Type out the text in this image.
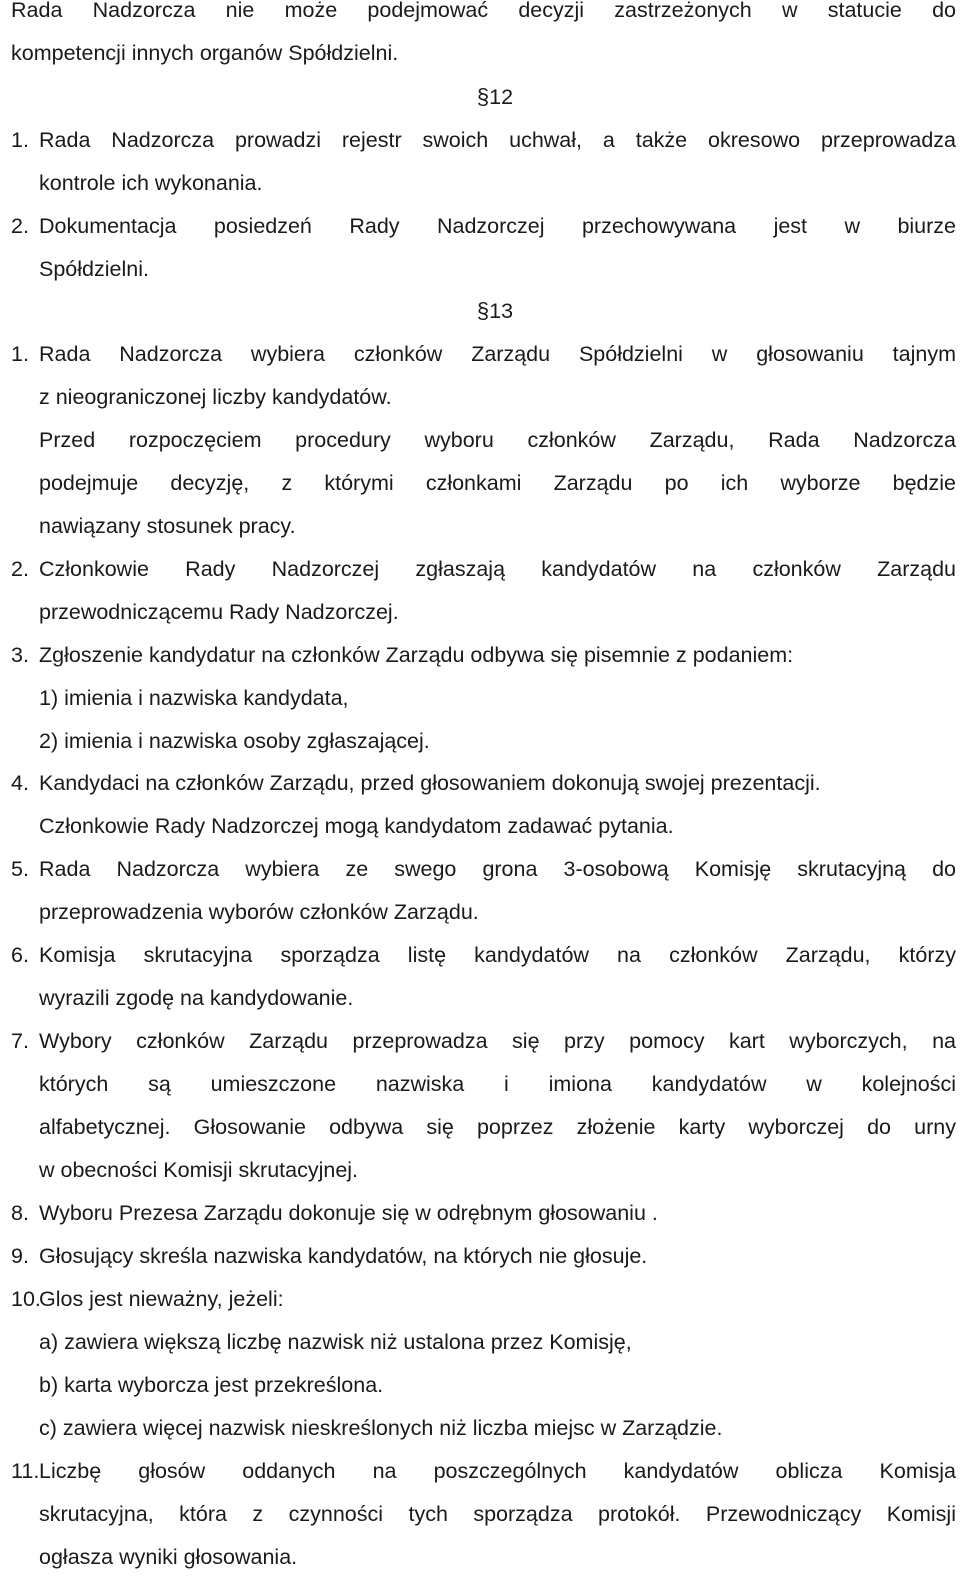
Rada Nadzorcza nie może podejmować decyzji zastrzeżonych w statucie do
kompetencji innych organów Spółdzielni.
§12
1. Rada Nadzorcza prowadzi rejestr swoich uchwał, a także okresowo przeprowadza
kontrole ich wykonania.
2. Dokumentacja posiedzeń Rady Nadzorczej przechowywana jest w biurze
Spółdzielni.
§13
1. Rada Nadzorcza wybiera członków Zarządu Spółdzielni w głosowaniu tajnym
z nieograniczonej liczby kandydatów.
Przed rozpoczęciem procedury wyboru członków Zarządu, Rada Nadzorcza
podejmuje decyzję, z którymi członkami Zarządu po ich wyborze będzie
nawiązany stosunek pracy.
2. Członkowie Rady Nadzorczej zgłaszają kandydatów na członków Zarządu
przewodniczącemu Rady Nadzorczej.
3. Zgłoszenie kandydatur na członków Zarządu odbywa się pisemnie z podaniem:
1) imienia i nazwiska kandydata,
2) imienia i nazwiska osoby zgłaszającej.
4. Kandydaci na członków Zarządu, przed głosowaniem dokonują swojej prezentacji.
Członkowie Rady Nadzorczej mogą kandydatom zadawać pytania.
5. Rada Nadzorcza wybiera ze swego grona 3-osobową Komisję skrutacyjną do
przeprowadzenia wyborów członków Zarządu.
6. Komisja skrutacyjna sporządza listę kandydatów na członków Zarządu, którzy
wyrazili zgodę na kandydowanie.
7. Wybory członków Zarządu przeprowadza się przy pomocy kart wyborczych, na
których są umieszczone nazwiska i imiona kandydatów w kolejności
alfabetycznej. Głosowanie odbywa się poprzez złożenie karty wyborczej do urny
w obecności Komisji skrutacyjnej.
8. Wyboru Prezesa Zarządu dokonuje się w odrębnym głosowaniu .
9. Głosujący skreśla nazwiska kandydatów, na których nie głosuje.
10.
Glos jest nieważny, jeżeli:
a) zawiera większą liczbę nazwisk niż ustalona przez Komisję,
b) karta wyborcza jest przekreślona.
c) zawiera więcej nazwisk nieskreślonych niż liczba miejsc w Zarządzie.
11. Liczbę głosów oddanych na poszczególnych kandydatów oblicza Komisja
skrutacyjna, która z czynności tych sporządza protokół. Przewodniczący Komisji
ogłasza wyniki głosowania.
